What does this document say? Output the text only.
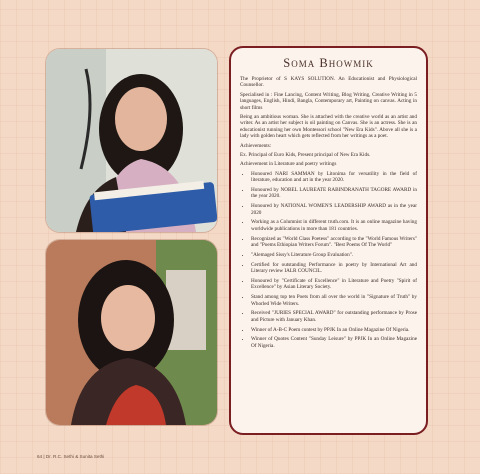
Soma Bhowmik
The Proprietor of S KAYS SOLUTION. An Educationist and Physiological Counsellor.
Specialised in : Fine Lancing, Content Writing, Blog Writing, Creative Writing in 5 languages, English, Hindi, Bangla, Contemporary art, Painting on canvas. Acting in short films
Being an ambitious woman. She is attached with the creative world as an artist and writer. As an artist her subject is oil painting on Canvas. She is an actress. She is an educationist running her own Montessori school "New Era Kids". Above all she is a lady with golden heart which gets reflected from her writings as a poet.
Achievements:
Ex. Principal of Euro Kids, Present principal of New Era Kids.
Achievement in Literature and poetry writings
• Honoured NARI SAMMAN by Litonima for versatility in the field of literature, education and art in the year 2020.
• Honoured by NOBEL LAUREATE RABINDRANATH TAGORE AWARD in the year 2020.
• Honoured by NATIONAL WOMEN'S LEADERSHIP AWARD as in the year 2020
• Working as a Columnist in different truth.com. It is an online magazine having worldwide publications in more than 181 countries.
• Recognized as "World Class Poetess" according to the "World Famous Writers" and "Poems Ethiopian Writers Forum". "Best Poems Of The World"
• "Alemaged Sissy's Literature Group Evaluation".
• Certified for outstanding Performance in poetry by International Art and Literary review IALR COUNCIL.
• Honoured by "Certificate of Excellence" in Literature and Poetry "Spirit of Excellence" by Asian Literary Society.
• Stand among top ten Poets from all over the world in "Signature of Truth" by Whorled Wide Writers.
• Received "JURIES SPECIAL AWARD" for outstanding performance by Prose and Picture with January Khan.
• Winner of A-B-C Poem contest by PPJK In an Online Magazine Of Nigeria.
• Winner of Quotes Content "Sunday Leisure" by PPJK In an Online Magazine Of Nigeria.
64 | Dr. R.C. Sethi & Sunita Sethi
